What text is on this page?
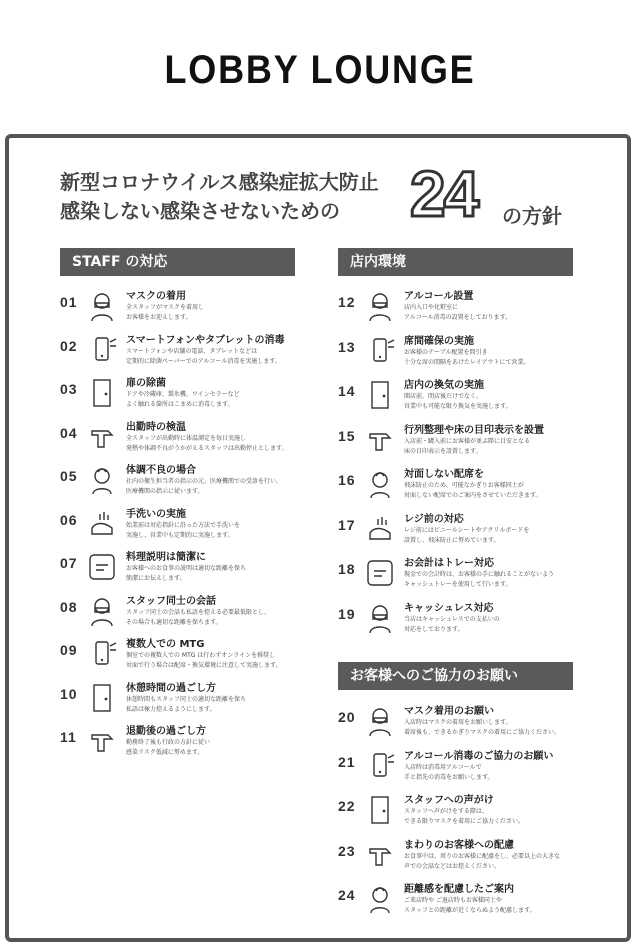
LOBBY LOUNGE
新型コロナウイルス感染症拡大防止
感染しない感染させないための	24 の方針
STAFF の対応	店内環境
お客様へのご協力のお願い
01	マスクの着用
全スタッフがマスクを着用し
お客様をお迎えします。
02	スマートフォンやタブレットの消毒
スマートフォンや店舗の電話、タブレットなどは
定期的に除菌ペーパーでのアルコール消毒を実施します。
03	扉の除菌
ドアや冷蔵庫、製氷機、ワインセラーなど
よく触れる箇所はこまめに消毒します。
04	出勤時の検温
全スタッフが出勤時に体温測定を毎日実施し
発熱や体調不良がうかがえるスタッフは出勤停止とします。
05	体調不良の場合
社内の衛生担当者の指示の元、医療機関での受診を行い、
医療機関の指示に従います。
06	手洗いの実施
始業前は対応指針に沿った方法で手洗いを
実施し、営業中も定期的に実施します。
07	料理説明は簡潔に
お客様へのお食事の説明は適切な距離を保ち
簡潔にお伝えします。
08	スタッフ同士の会話
スタッフ同士の会話も私語を控える必要最低限とし、
その場合も適切な距離を保ちます。
09	複数人での MTG
個室での複数人での MTG は行わずオンラインを推奨し
対面で行う場合は配席・換気環境に注意して実施します。
10	休憩時間の過ごし方
休憩時間もスタッフ同士の適切な距離を保ち
私語は極力控えるようにします。
11	退勤後の過ごし方
勤務終了後も行政の方針に従い
感染リスク低減に努めます。
12	アルコール設置
店内入口や化粧室に
アルコール消毒の設置をしております。
13	席間確保の実施
お客様のテーブル配置を間引き
十分な席の間隔をあけたレイアウトにて営業。
14	店内の換気の実施
開店前、閉店後だけでなく、
営業中も可能な限り換気を実施します。
15	行列整理や床の目印表示を設置
入店前・購入前にお客様が並ぶ際に目安となる
床の目印表示を設置します。
16	対面しない配席を
飛沫防止のため、可能なかぎりお客様同士が
対面しない配席でのご案内をさせていただきます。
17	レジ前の対応
レジ前にはビニールシートやアクリルボードを
設置し、飛沫防止に努めています。
18	お会計はトレー対応
現金での会計時は、お客様の手に触れることがないよう
キャッシュトレーを使用して行います。
19	キャッシュレス対応
当店はキャッシュレスでの支払いの
対応をしております。
20	マスク着用のお願い
入店時はマスクの着用をお願いします。
着席後も、できるかぎりマスクの着用にご協力ください。
21	アルコール消毒のご協力のお願い
入店時は消毒用アルコールで
手と指先の消毒をお願いします。
22	スタッフへの声がけ
スタッフへ声がけをする際は、
できる限りマスクを着用にご協力ください。
23	まわりのお客様への配慮
お食事中は、周りのお客様に配慮をし、必要以上の大きな
声での会話などはお控えください。
24	距離感を配慮したご案内
ご来店時や ご退店時もお客様同士や
スタッフとの距離が近くならぬよう配慮します。
